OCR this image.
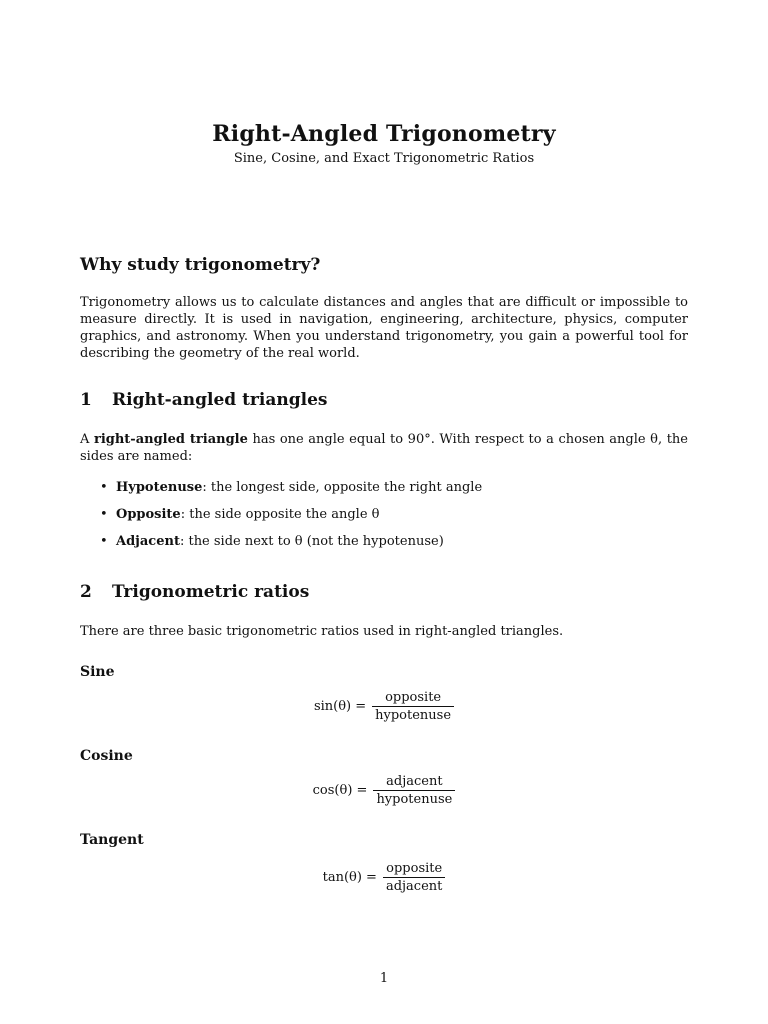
Right-Angled Trigonometry
Sine, Cosine, and Exact Trigonometric Ratios
Why study trigonometry?

Trigonometry allows us to calculate distances and angles that are difficult or impossible to measure directly. It is used in navigation, engineering, architecture, physics, computer graphics, and astronomy. When you understand trigonometry, you gain a powerful tool for describing the geometry of the real world.

1	Right-angled triangles

A right-angled triangle has one angle equal to 90°. With respect to a chosen angle θ, the sides are named:

• Hypotenuse: the longest side, opposite the right angle
• Opposite: the side opposite the angle θ
• Adjacent: the side next to θ (not the hypotenuse)
2	Trigonometric ratios

There are three basic trigonometric ratios used in right-angled triangles.

Sine
$\sin(\theta) = \frac{\text{opposite}}{\text{hypotenuse}}$
Cosine
$\cos(\theta) = \frac{\text{adjacent}}{\text{hypotenuse}}$
Tangent
$\tan(\theta) = \frac{\text{opposite}}{\text{adjacent}}$
1
